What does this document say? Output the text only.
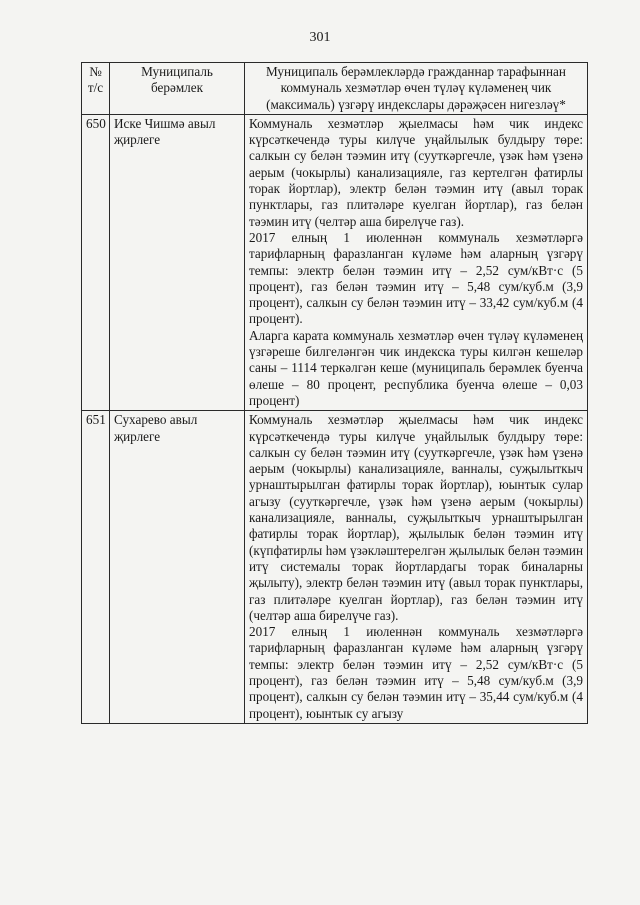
301
№ т/с	Муниципаль берәмлек	Муниципаль берәмлекләрдә гражданнар тарафыннан коммуналь хезмәтләр өчен түләү күләменең чик (максималь) үзгәрү индекслары дәрәҗәсен нигезләү*
650	Иске Чишмә авыл җирлеге	Коммуналь хезмәтләр җыелмасы һәм чик индекс күрсәткечендә туры килүче уңайлылык булдыру төре: салкын су белән тәэмин итү (сууткәргечле, үзәк һәм үзенә аерым (чокырлы) канализацияле, газ кертелгән фатирлы торак йортлар), электр белән тәэмин итү (авыл торак пунктлары, газ плитәләре куелган йортлар), газ белән тәэмин итү (челтәр аша бирелүче газ).

2017 елның 1 июленнән коммуналь хезмәтләргә тарифларның фаразланган күләме һәм аларның үзгәрү темпы: электр белән тәэмин итү – 2,52 сум/кВт·с (5 процент), газ белән тәэмин итү – 5,48 сум/куб.м (3,9 процент), салкын су белән тәэмин итү – 33,42 сум/куб.м (4 процент).

Аларга карата коммуналь хезмәтләр өчен түләү күләменең үзгәреше билгеләнгән чик индекска туры килгән кешеләр саны – 1114 теркәлгән кеше (муниципаль берәмлек буенча өлеше – 80 процент, республика буенча өлеше – 0,03 процент)

651	Сухарево авыл җирлеге	Коммуналь хезмәтләр җыелмасы һәм чик индекс күрсәткечендә туры килүче уңайлылык булдыру төре: салкын су белән тәэмин итү (сууткәргечле, үзәк һәм үзенә аерым (чокырлы) канализацияле, ванналы, суҗылыткыч урнаштырылган фатирлы торак йортлар), юынтык сулар агызу (сууткәргечле, үзәк һәм үзенә аерым (чокырлы) канализацияле, ванналы, суҗылыткыч урнаштырылган фатирлы торак йортлар), җылылык белән тәэмин итү (күпфатирлы һәм үзәкләштерелгән җылылык белән тәэмин итү системалы торак йортлардагы торак биналарны җылыту), электр белән тәэмин итү (авыл торак пунктлары, газ плитәләре куелган йортлар), газ белән тәэмин итү (челтәр аша бирелүче газ).

2017 елның 1 июленнән коммуналь хезмәтләргә тарифларның фаразланган күләме һәм аларның үзгәрү темпы: электр белән тәэмин итү – 2,52 сум/кВт·с (5 процент), газ белән тәэмин итү – 5,48 сум/куб.м (3,9 процент), салкын су белән тәэмин итү – 35,44 сум/куб.м (4 процент), юынтык су агызу
